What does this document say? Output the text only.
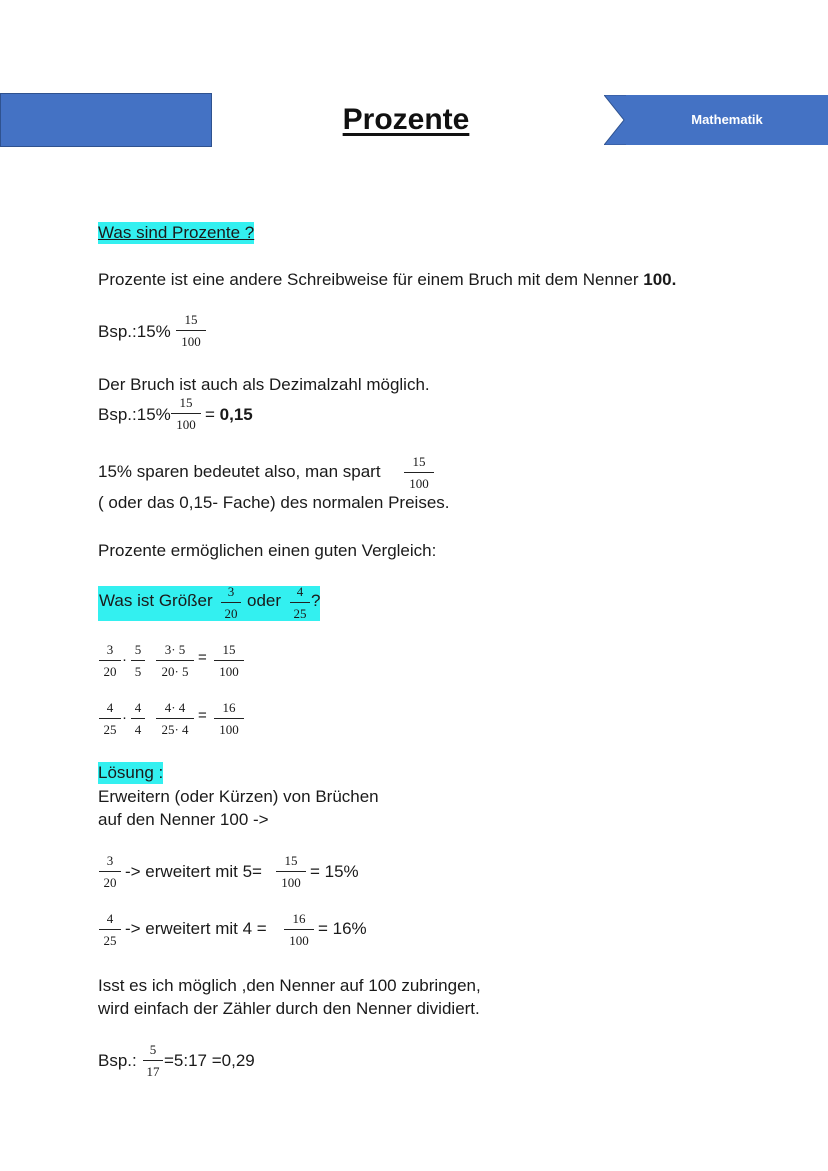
Prozente	Mathematik
Was sind Prozente ?
Prozente ist eine andere Schreibweise für einem Bruch mit dem Nenner 100.
Bsp.:15%
15
100
Der Bruch ist auch als Dezimalzahl möglich.
Bsp.:15%
15
100
= 0,15
15% sparen bedeutet also, man spart
15
100
( oder das 0,15- Fache) des normalen Preises.
Prozente ermöglichen einen guten Vergleich:
Was ist Größer 3
20
oder 4
25
?
3
20
·
5
5
3· 5
20· 5
= 15
100
4
25
·
4
4
4· 4
25· 4
= 16
100
Lösung :
Erweitern (oder Kürzen) von Brüchen
auf den Nenner 100 ->
3
20
-> erweitert mit 5=
15
100
= 15%
4
25
-> erweitert mit 4 =
16
100
= 16%
Isst es ich möglich ,den Nenner auf 100 zubringen,
wird einfach der Zähler durch den Nenner dividiert.
Bsp.:
5
17
=5:17 =0,29
